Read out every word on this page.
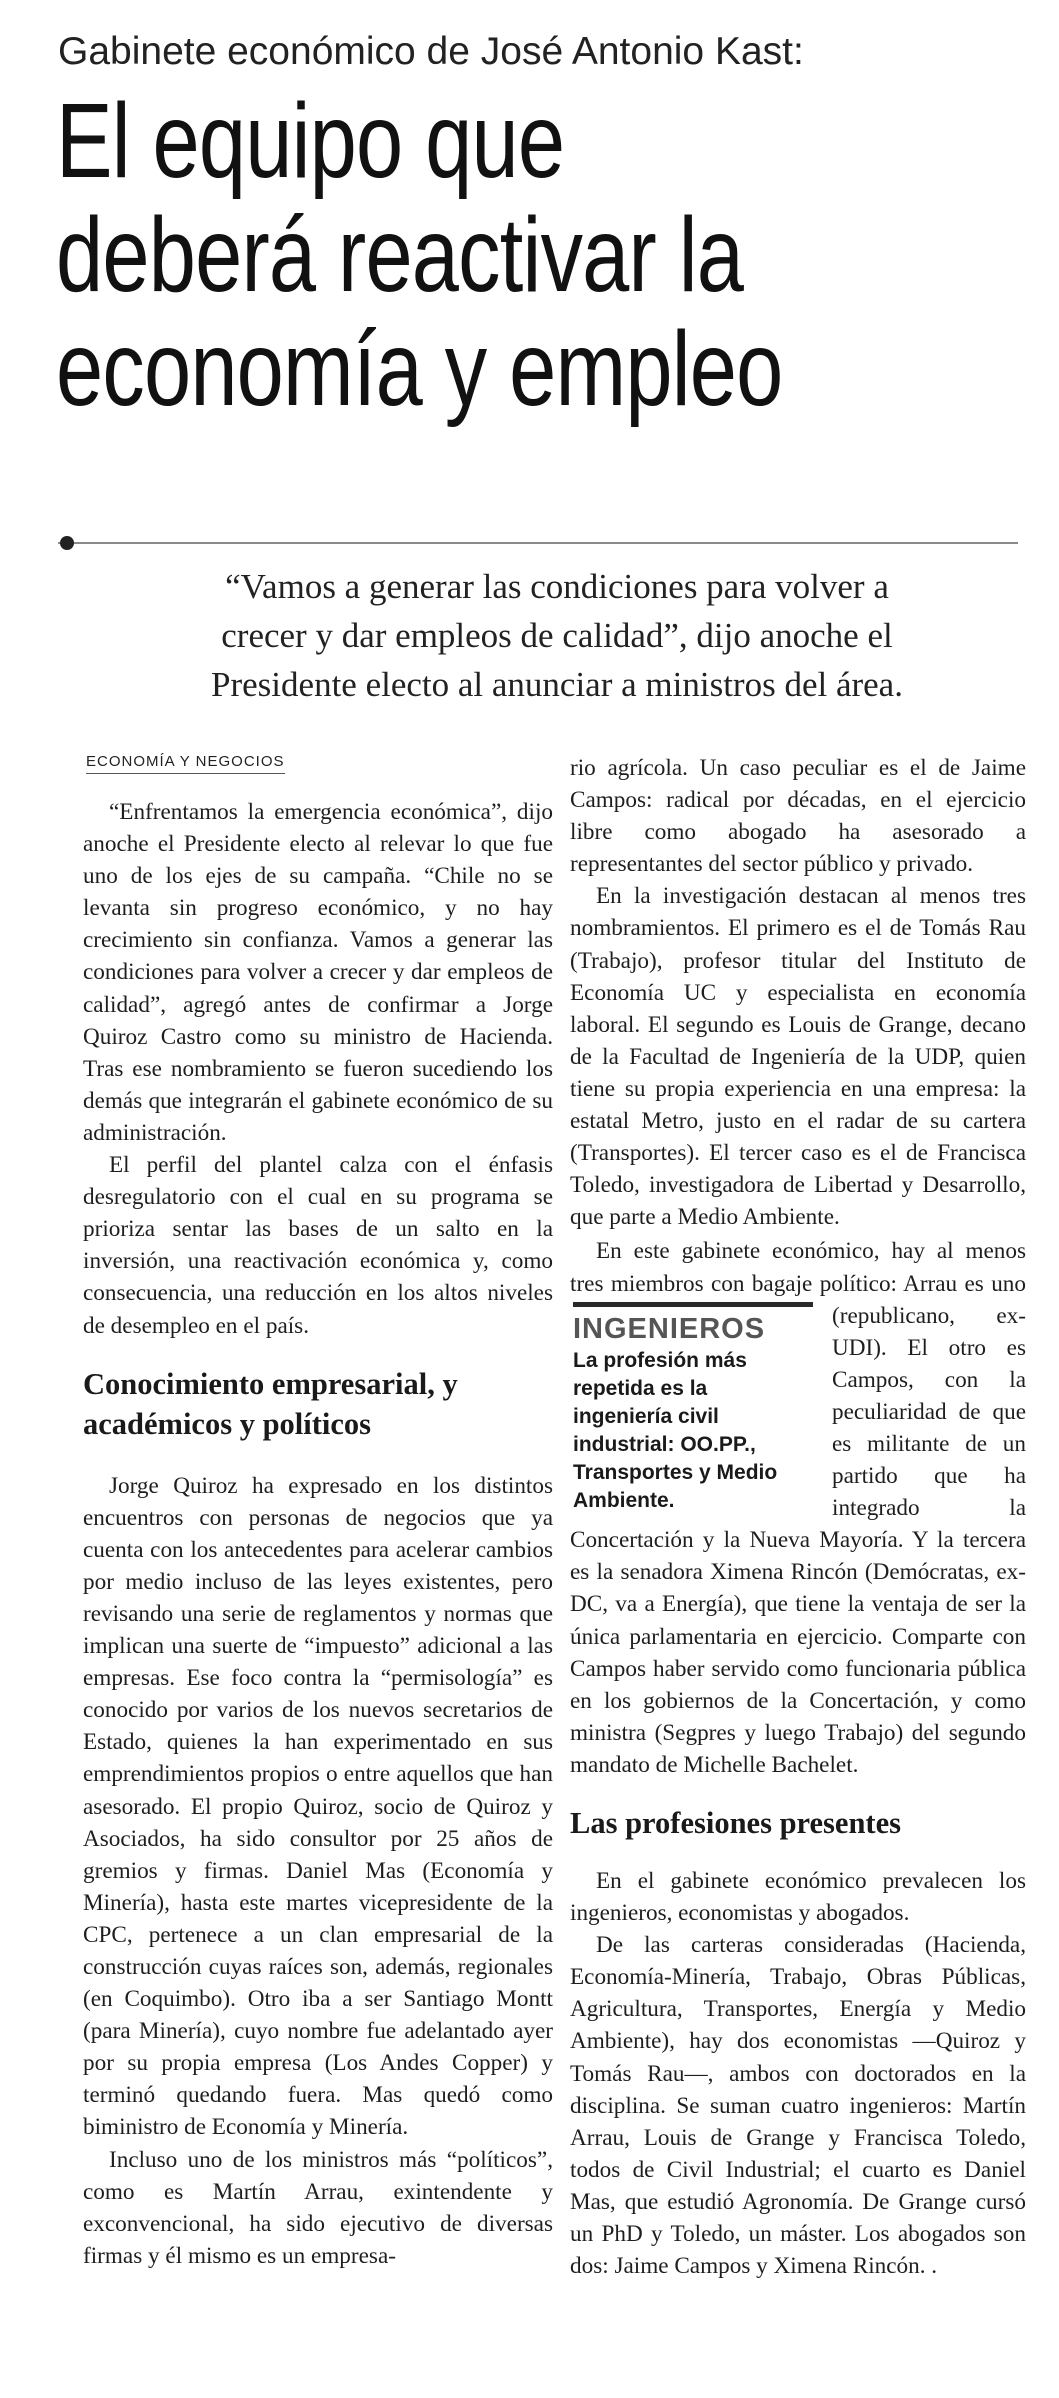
Gabinete económico de José Antonio Kast:
El equipo que
deberá reactivar la
economía y empleo
“Vamos a generar las condiciones para volver a
crecer y dar empleos de calidad”, dijo anoche el
Presidente electo al anunciar a ministros del área.
ECONOMÍA Y NEGOCIOS

“Enfrentamos la emergencia económica”, dijo anoche el Presidente electo al relevar lo que fue uno de los ejes de su campaña. “Chile no se levanta sin progreso económico, y no hay crecimiento sin confianza. Vamos a generar las condiciones para volver a crecer y dar empleos de calidad”, agregó antes de confirmar a Jorge Quiroz Castro como su ministro de Hacienda. Tras ese nombramiento se fueron sucediendo los demás que integrarán el gabinete económico de su administración.

El perfil del plantel calza con el énfasis desregulatorio con el cual en su programa se prioriza sentar las bases de un salto en la inversión, una reactivación económica y, como consecuencia, una reducción en los altos niveles de desempleo en el país.

Conocimiento empresarial, y académicos y políticos

Jorge Quiroz ha expresado en los distintos encuentros con personas de negocios que ya cuenta con los antecedentes para acelerar cambios por medio incluso de las leyes existentes, pero revisando una serie de reglamentos y normas que implican una suerte de “impuesto” adicional a las empresas. Ese foco contra la “permisología” es conocido por varios de los nuevos secretarios de Estado, quienes la han experimentado en sus emprendimientos propios o entre aquellos que han asesorado. El propio Quiroz, socio de Quiroz y Asociados, ha sido consultor por 25 años de gremios y firmas. Daniel Mas (Economía y Minería), hasta este martes vicepresidente de la CPC, pertenece a un clan empresarial de la construcción cuyas raíces son, además, regionales (en Coquimbo). Otro iba a ser Santiago Montt (para Minería), cuyo nombre fue adelantado ayer por su propia empresa (Los Andes Copper) y terminó quedando fuera. Mas quedó como biministro de Economía y Minería.

Incluso uno de los ministros más “políticos”, como es Martín Arrau, exintendente y exconvencional, ha sido ejecutivo de diversas firmas y él mismo es un empresa-

rio agrícola. Un caso peculiar es el de Jaime Campos: radical por décadas, en el ejercicio libre como abogado ha asesorado a representantes del sector público y privado.

En la investigación destacan al menos tres nombramientos. El primero es el de Tomás Rau (Trabajo), profesor titular del Instituto de Economía UC y especialista en economía laboral. El segundo es Louis de Grange, decano de la Facultad de Ingeniería de la UDP, quien tiene su propia experiencia en una empresa: la estatal Metro, justo en el radar de su cartera (Transportes). El tercer caso es el de Francisca Toledo, investigadora de Libertad y Desarrollo, que parte a Medio Ambiente.

En este gabinete económico, hay al menos tres miembros con bagaje político: Arrau es uno (republicano, ex-UDI). El otro es Campos, con la peculiaridad de que es militante de un partido que ha integrado la Concertación y la Nueva Mayoría. Y la tercera es la senadora Ximena Rincón (Demócratas, ex-DC, va a Energía), que tiene la ventaja de ser la única parlamentaria en ejercicio. Comparte con Campos haber servido como funcionaria pública en los gobiernos de la Concertación, y como ministra (Segpres y luego Trabajo) del segundo mandato de Michelle Bachelet.

Las profesiones presentes

En el gabinete económico prevalecen los ingenieros, economistas y abogados.

De las carteras consideradas (Hacienda, Economía-Minería, Trabajo, Obras Públicas, Agricultura, Transportes, Energía y Medio Ambiente), hay dos economistas —Quiroz y Tomás Rau—, ambos con doctorados en la disciplina. Se suman cuatro ingenieros: Martín Arrau, Louis de Grange y Francisca Toledo, todos de Civil Industrial; el cuarto es Daniel Mas, que estudió Agronomía. De Grange cursó un PhD y Toledo, un máster. Los abogados son dos: Jaime Campos y Ximena Rincón. .

INGENIEROS
La profesión más repetida es la ingeniería civil industrial: OO.PP., Transportes y Medio Ambiente.
